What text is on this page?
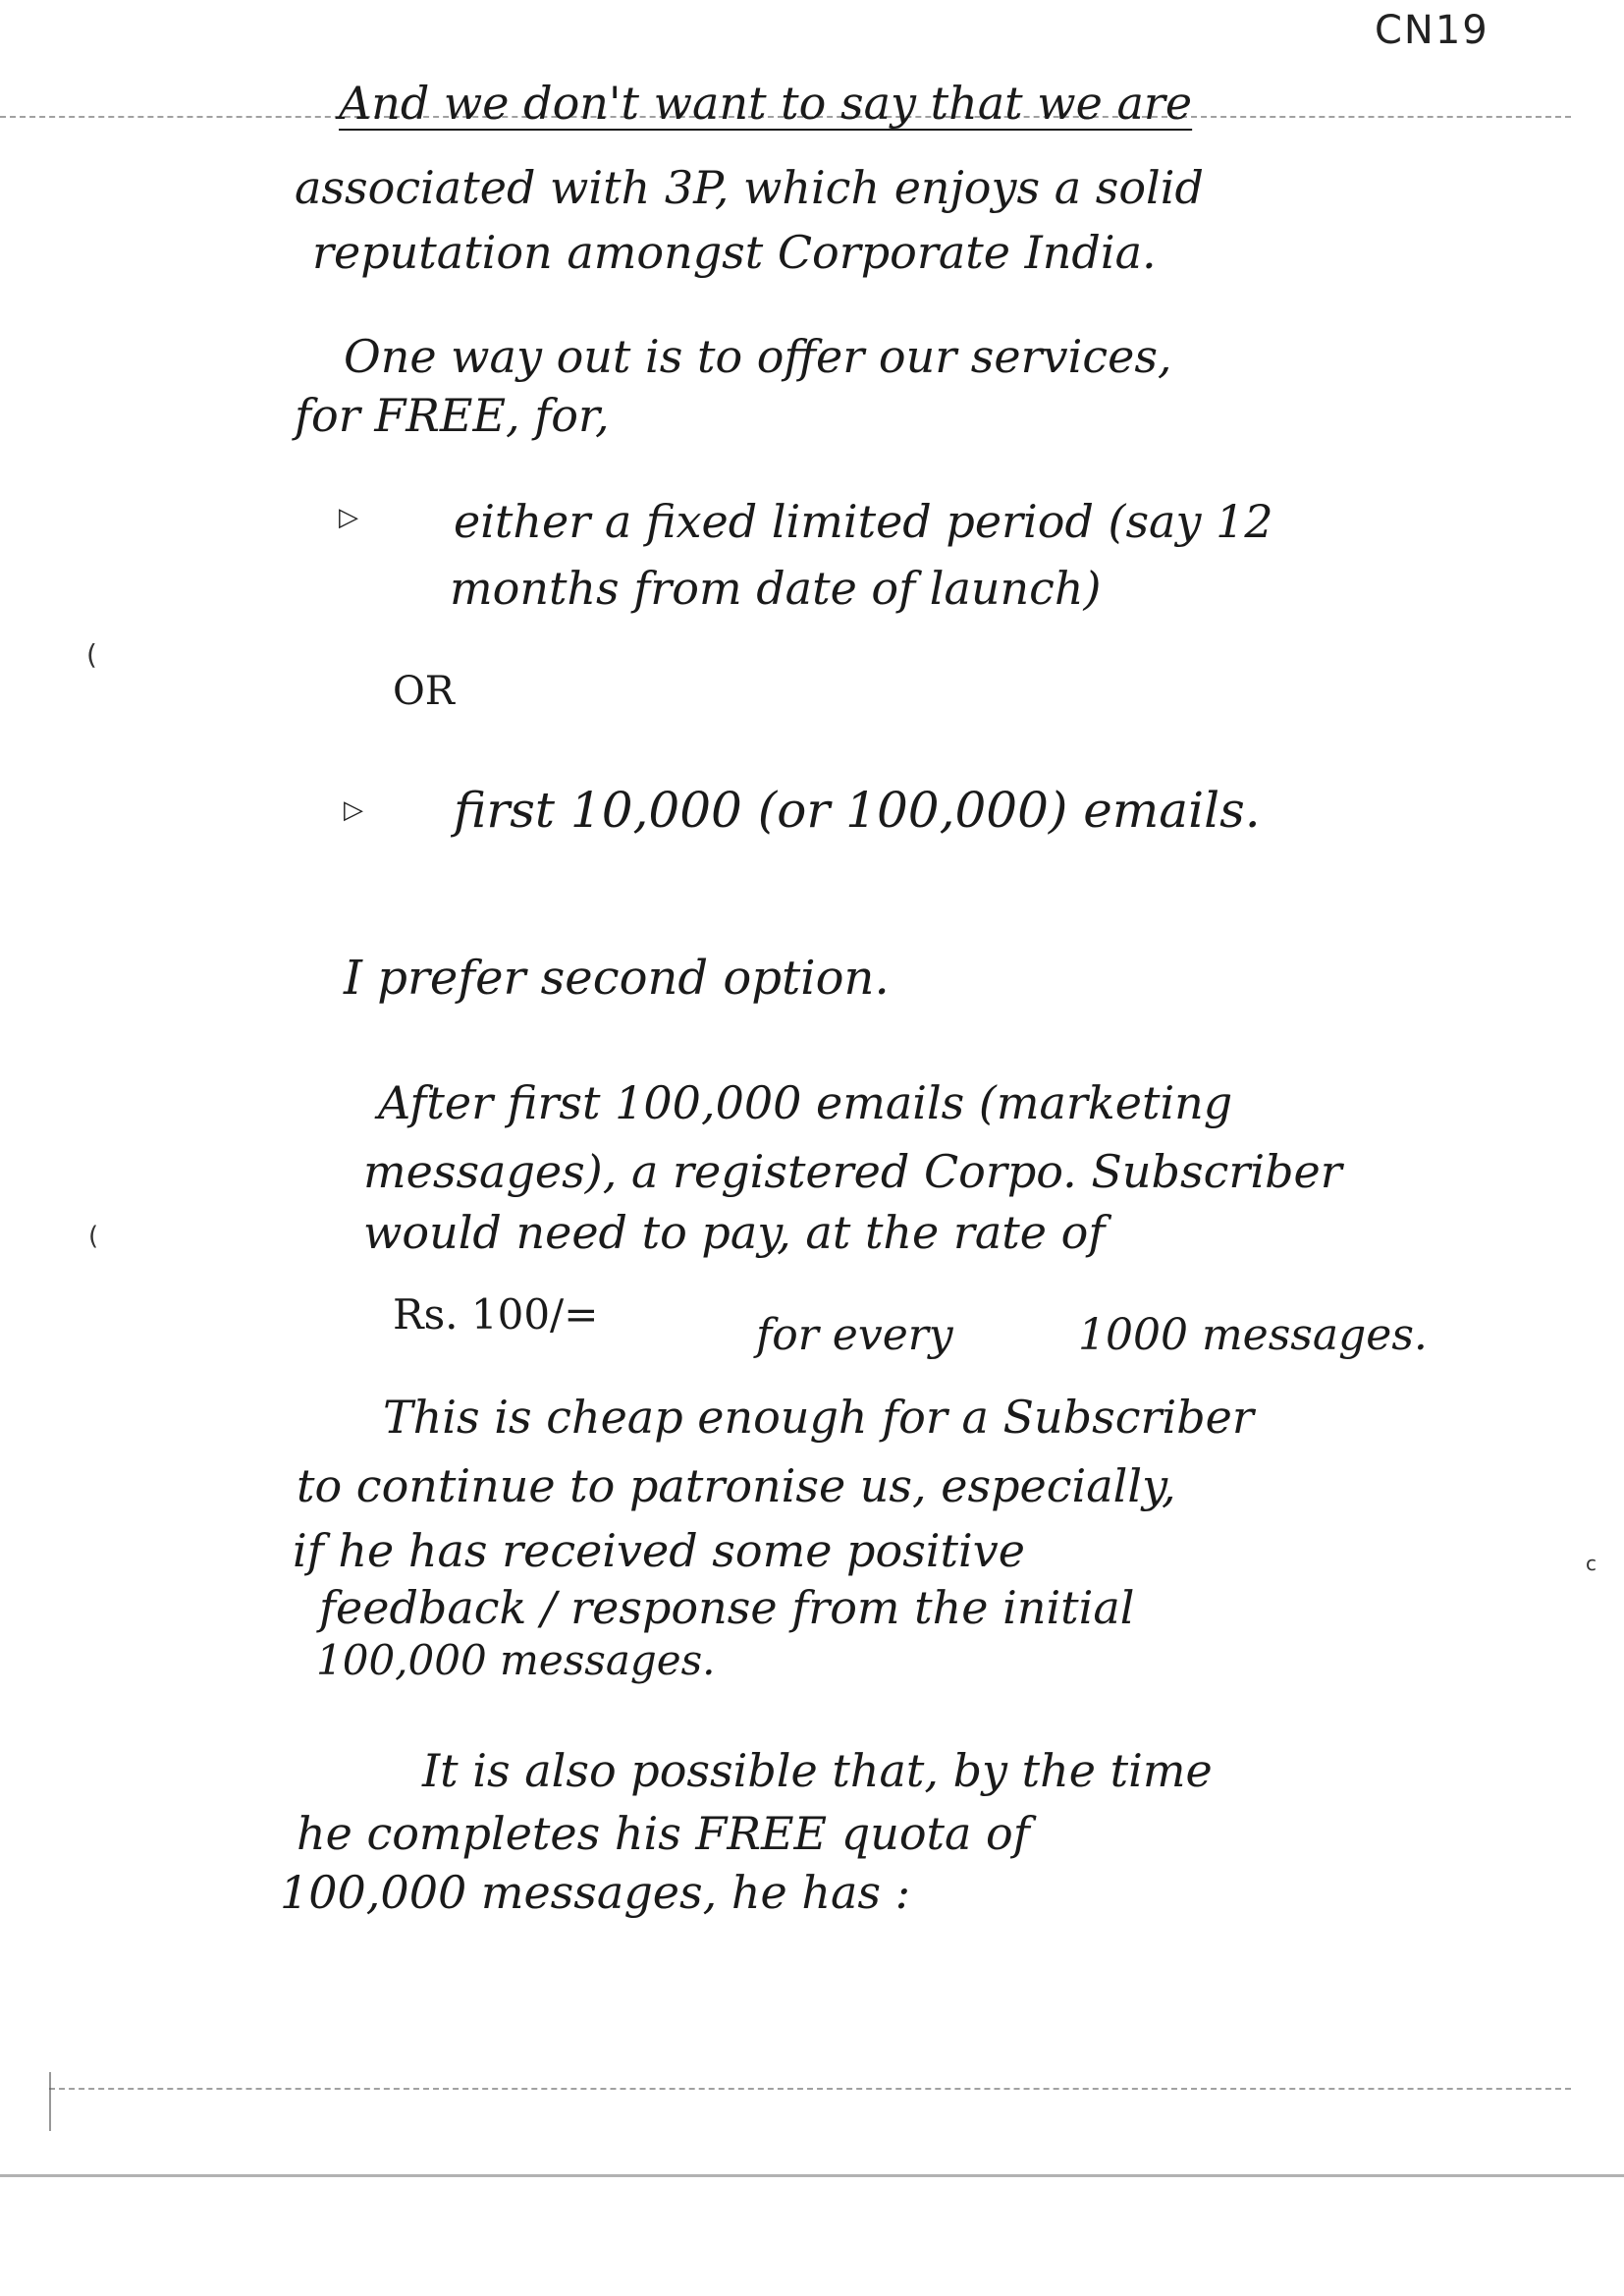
CN19
And we don't want to say that we are
associated with 3P, which enjoys a solid
reputation amongst Corporate India.
One way out is to offer our services,
for FREE, for,
▷ either a fixed limited period (say 12
months from date of launch)
OR
▷ first 10,000 (or 100,000) emails.
I prefer second option.
After first 100,000 emails (marketing
messages), a registered Corpo. Subscriber
would need to pay, at the rate of
Rs. 100/=	for every	1000 messages.
This is cheap enough for a Subscriber
to continue to patronise us, especially,
if he has received some positive
feedback / response from the initial
100,000 messages.
It is also possible that, by the time
he completes his FREE quota of
100,000 messages, he has :
(
(
c
